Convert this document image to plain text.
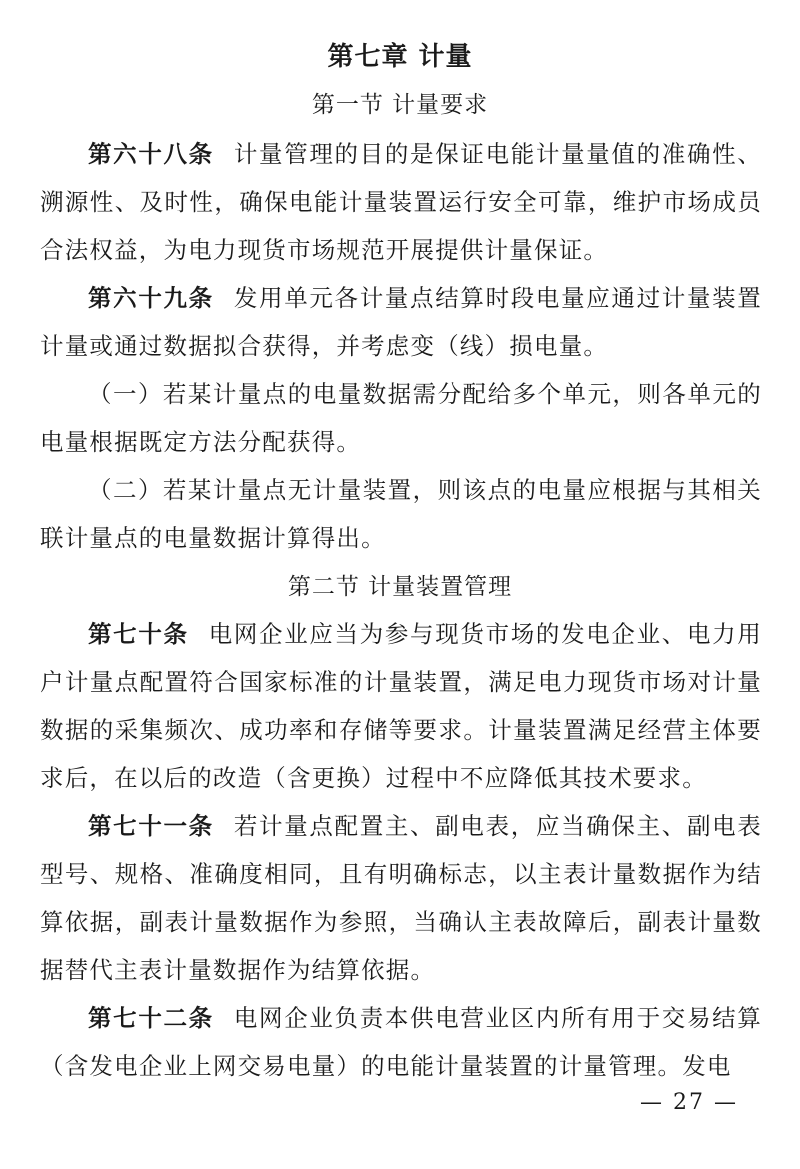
第七章 计量
第一节 计量要求

第六十八条 计量管理的目的是保证电能计量量值的准确性、溯源性、及时性，确保电能计量装置运行安全可靠，维护市场成员合法权益，为电力现货市场规范开展提供计量保证。

第六十九条 发用单元各计量点结算时段电量应通过计量装置计量或通过数据拟合获得，并考虑变（线）损电量。

（一）若某计量点的电量数据需分配给多个单元，则各单元的电量根据既定方法分配获得。

（二）若某计量点无计量装置，则该点的电量应根据与其相关联计量点的电量数据计算得出。

第二节 计量装置管理

第七十条 电网企业应当为参与现货市场的发电企业、电力用户计量点配置符合国家标准的计量装置，满足电力现货市场对计量数据的采集频次、成功率和存储等要求。计量装置满足经营主体要求后，在以后的改造（含更换）过程中不应降低其技术要求。

第七十一条 若计量点配置主、副电表，应当确保主、副电表型号、规格、准确度相同，且有明确标志，以主表计量数据作为结算依据，副表计量数据作为参照，当确认主表故障后，副表计量数据替代主表计量数据作为结算依据。

第七十二条 电网企业负责本供电营业区内所有用于交易结算（含发电企业上网交易电量）的电能计量装置的计量管理。发电

— 27 —
